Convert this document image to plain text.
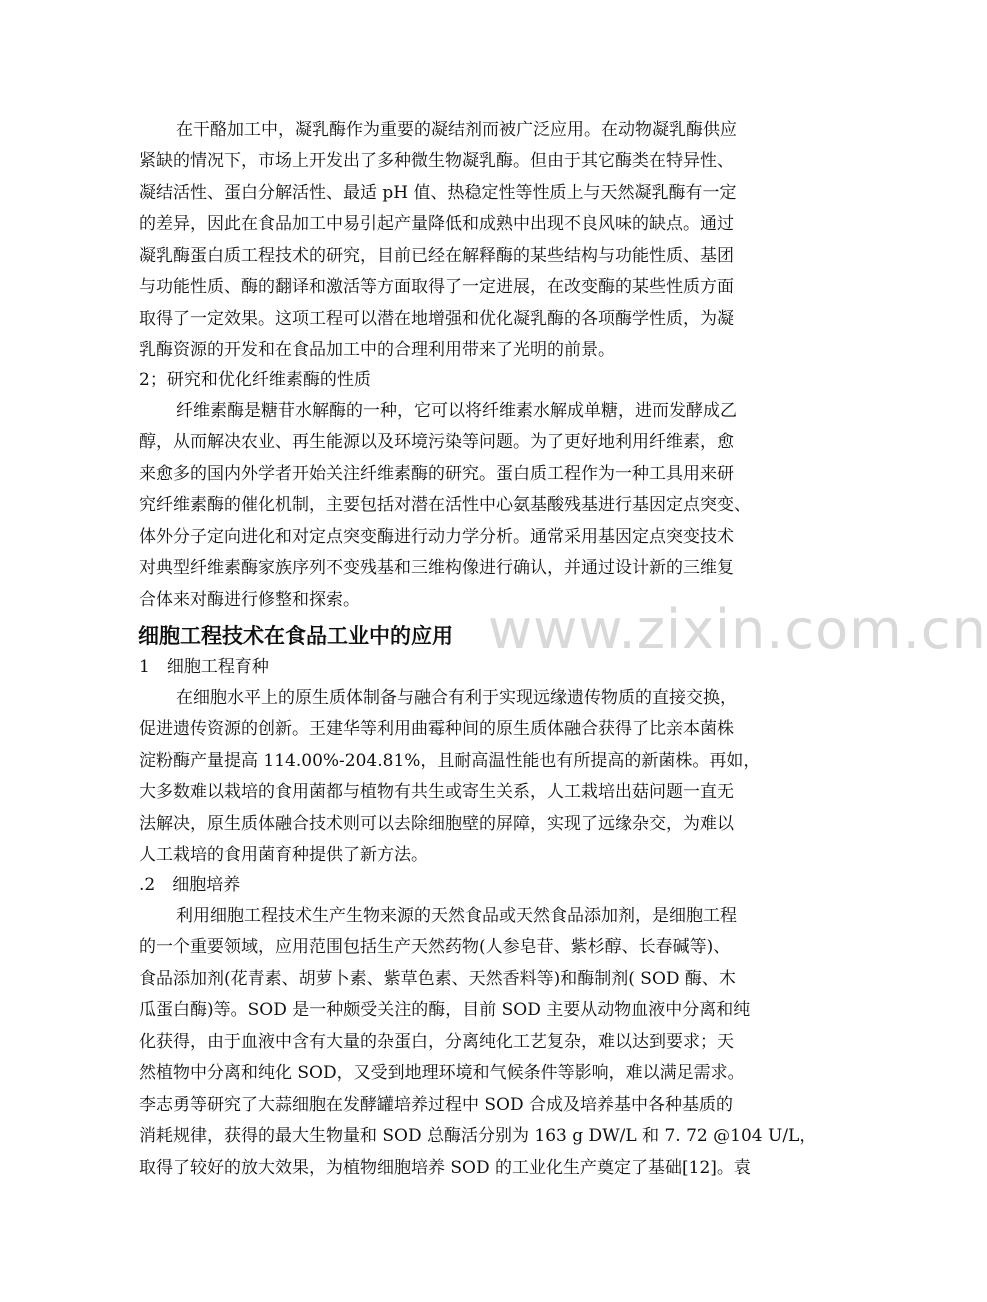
www.zixin.com.cn
在干酪加工中，凝乳酶作为重要的凝结剂而被广泛应用。在动物凝乳酶供应
紧缺的情况下，市场上开发出了多种微生物凝乳酶。但由于其它酶类在特异性、
凝结活性、蛋白分解活性、最适 pH 值、热稳定性等性质上与天然凝乳酶有一定
的差异，因此在食品加工中易引起产量降低和成熟中出现不良风味的缺点。通过
凝乳酶蛋白质工程技术的研究，目前已经在解释酶的某些结构与功能性质、基团
与功能性质、酶的翻译和激活等方面取得了一定进展，在改变酶的某些性质方面
取得了一定效果。这项工程可以潜在地增强和优化凝乳酶的各项酶学性质，为凝
乳酶资源的开发和在食品加工中的合理利用带来了光明的前景。
2；研究和优化纤维素酶的性质
纤维素酶是糖苷水解酶的一种，它可以将纤维素水解成单糖，进而发酵成乙
醇，从而解决农业、再生能源以及环境污染等问题。为了更好地利用纤维素，愈
来愈多的国内外学者开始关注纤维素酶的研究。蛋白质工程作为一种工具用来研
究纤维素酶的催化机制，主要包括对潜在活性中心氨基酸残基进行基因定点突变、
体外分子定向进化和对定点突变酶进行动力学分析。通常采用基因定点突变技术
对典型纤维素酶家族序列不变残基和三维构像进行确认，并通过设计新的三维复
合体来对酶进行修整和探索。
细胞工程技术在食品工业中的应用
1　细胞工程育种
在细胞水平上的原生质体制备与融合有利于实现远缘遗传物质的直接交换，
促进遗传资源的创新。王建华等利用曲霉种间的原生质体融合获得了比亲本菌株
淀粉酶产量提高 114.00%-204.81%，且耐高温性能也有所提高的新菌株。再如，
大多数难以栽培的食用菌都与植物有共生或寄生关系，人工栽培出菇问题一直无
法解决，原生质体融合技术则可以去除细胞壁的屏障，实现了远缘杂交，为难以
人工栽培的食用菌育种提供了新方法。
.2　细胞培养
利用细胞工程技术生产生物来源的天然食品或天然食品添加剂，是细胞工程
的一个重要领域，应用范围包括生产天然药物(人参皂苷、紫杉醇、长春碱等)、
食品添加剂(花青素、胡萝卜素、紫草色素、天然香料等)和酶制剂( SOD 酶、木
瓜蛋白酶)等。SOD 是一种颇受关注的酶，目前 SOD 主要从动物血液中分离和纯
化获得，由于血液中含有大量的杂蛋白，分离纯化工艺复杂，难以达到要求；天
然植物中分离和纯化 SOD，又受到地理环境和气候条件等影响，难以满足需求。
李志勇等研究了大蒜细胞在发酵罐培养过程中 SOD 合成及培养基中各种基质的
消耗规律，获得的最大生物量和 SOD 总酶活分别为 163 g DW/L 和 7. 72 @104 U/L，
取得了较好的放大效果，为植物细胞培养 SOD 的工业化生产奠定了基础[12]。袁
